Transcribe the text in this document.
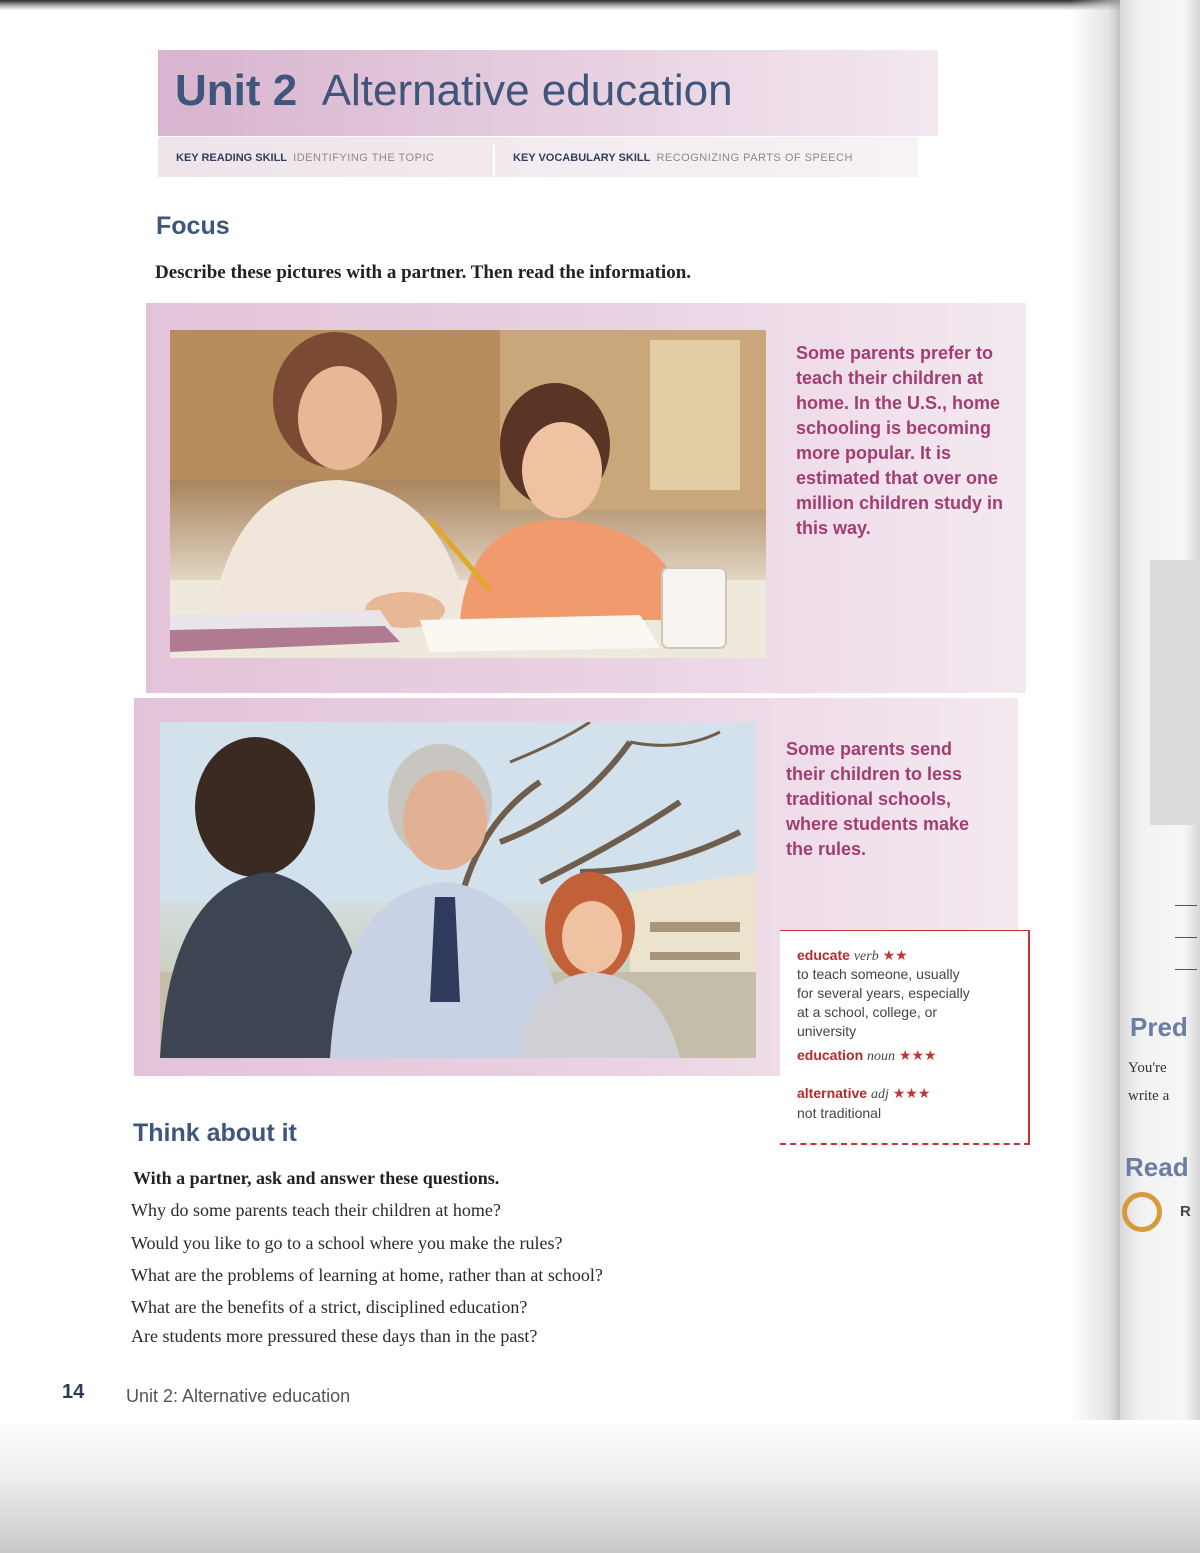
Pred
You're
write a
Read
R
Unit 2 Alternative education
KEY READING SKILL IDENTIFYING THE TOPIC	KEY VOCABULARY SKILL RECOGNIZING PARTS OF SPEECH
Focus
Describe these pictures with a partner. Then read the information.
Some parents prefer to teach their children at home. In the U.S., home schooling is becoming more popular. It is estimated that over one million children study in this way.
Some parents send their children to less traditional schools, where students make the rules.
educate verb ★★
to teach someone, usually
for several years, especially
at a school, college, or
university
education noun ★★★
alternative adj ★★★
not traditional
Think about it
With a partner, ask and answer these questions.
Why do some parents teach their children at home?
Would you like to go to a school where you make the rules?
What are the problems of learning at home, rather than at school?
What are the benefits of a strict, disciplined education?
Are students more pressured these days than in the past?
14 Unit 2: Alternative education
